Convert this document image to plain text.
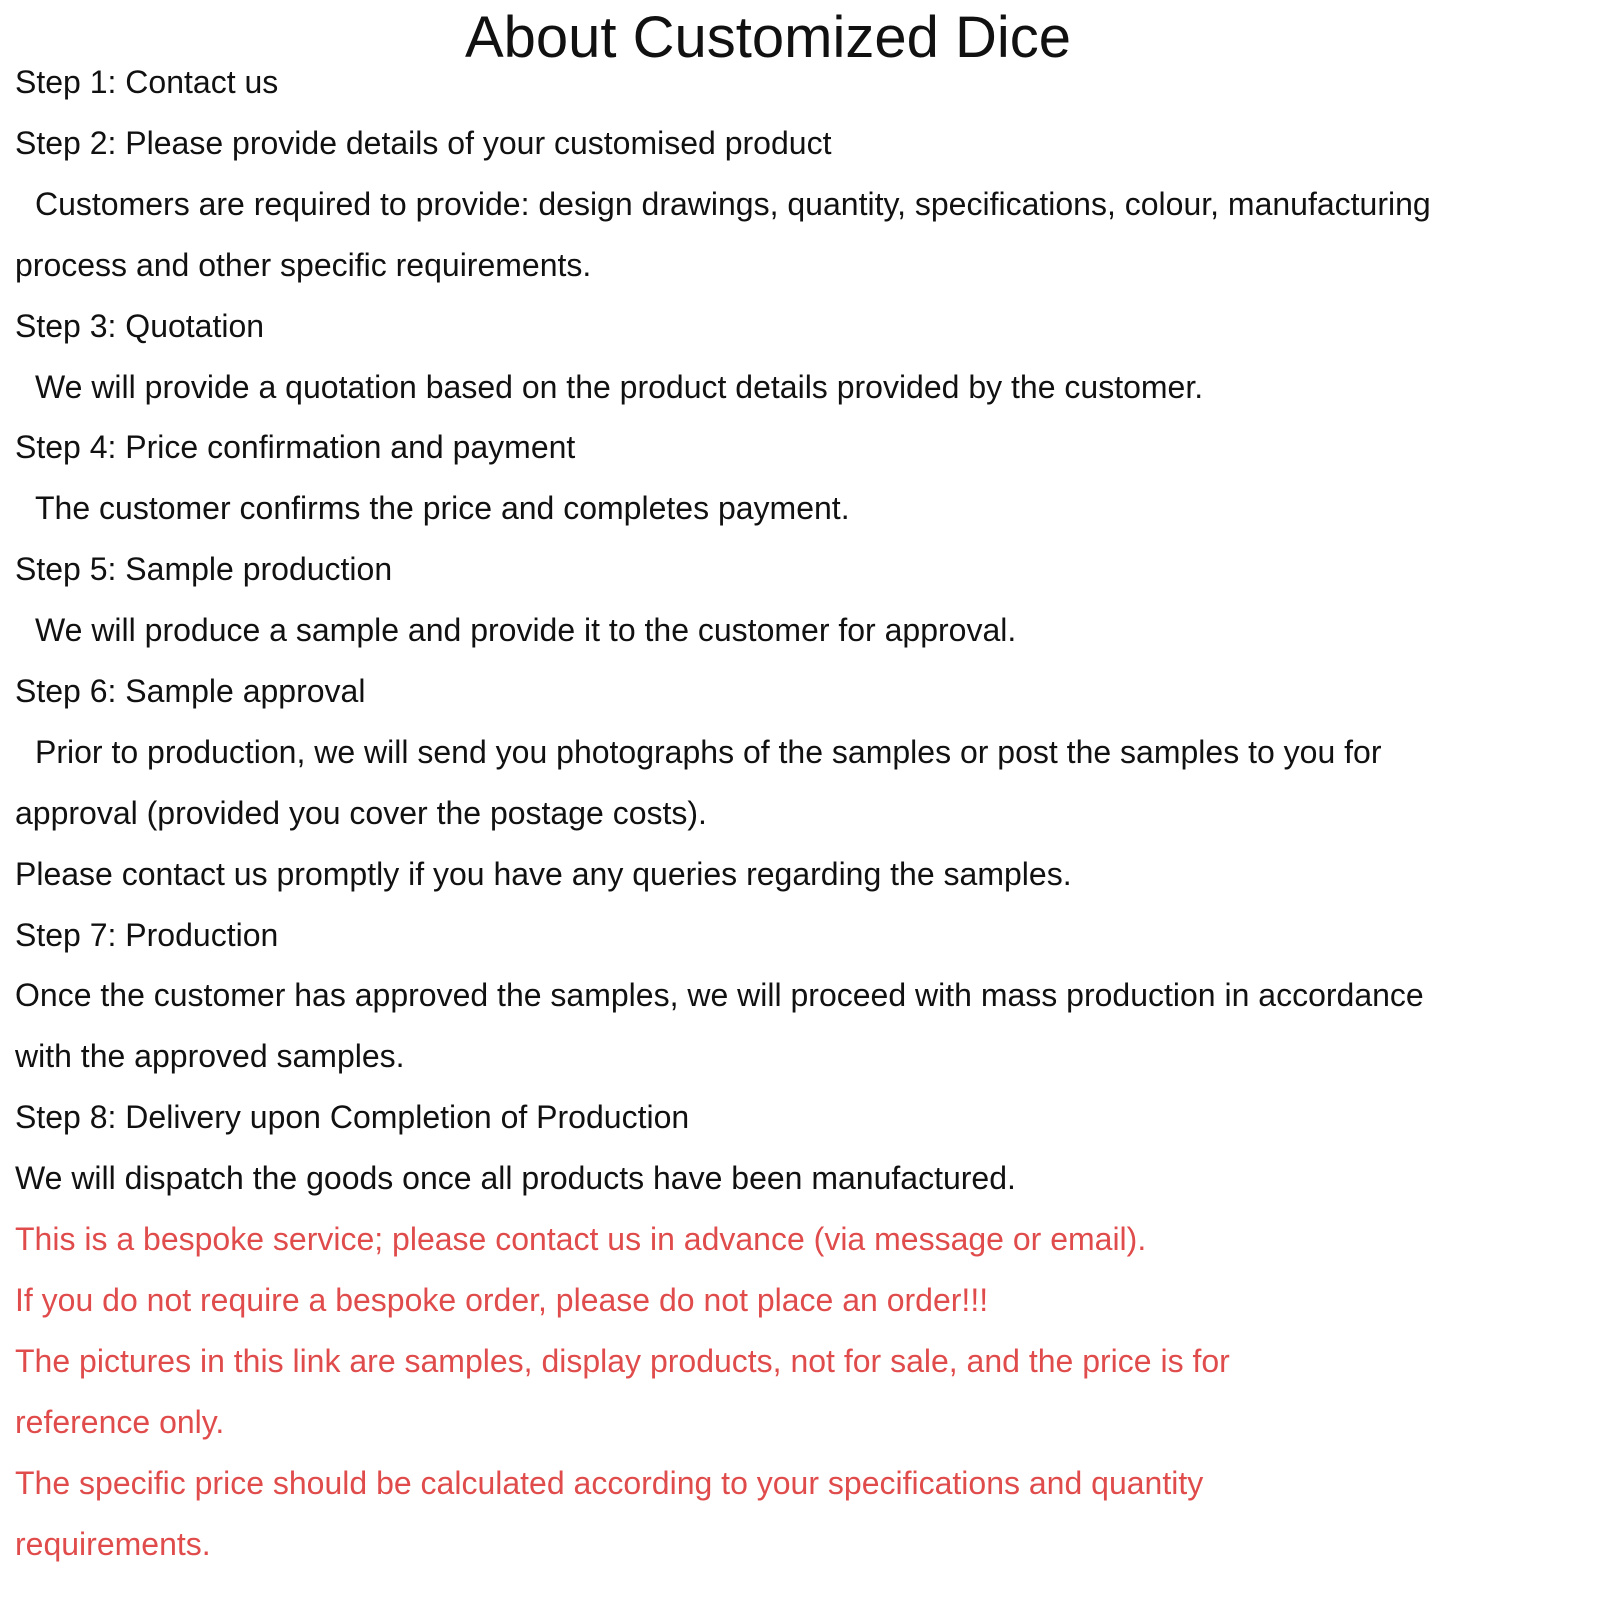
About Customized Dice
Step 1: Contact us
Step 2: Please provide details of your customised product
Customers are required to provide: design drawings, quantity, specifications, colour, manufacturing
process and other specific requirements.
Step 3: Quotation
We will provide a quotation based on the product details provided by the customer.
Step 4: Price confirmation and payment
The customer confirms the price and completes payment.
Step 5: Sample production
We will produce a sample and provide it to the customer for approval.
Step 6: Sample approval
Prior to production, we will send you photographs of the samples or post the samples to you for
approval (provided you cover the postage costs).
Please contact us promptly if you have any queries regarding the samples.
Step 7: Production
Once the customer has approved the samples, we will proceed with mass production in accordance
with the approved samples.
Step 8: Delivery upon Completion of Production
We will dispatch the goods once all products have been manufactured.
This is a bespoke service; please contact us in advance (via message or email).
If you do not require a bespoke order, please do not place an order!!!
The pictures in this link are samples, display products, not for sale, and the price is for
reference only.
The specific price should be calculated according to your specifications and quantity
requirements.
